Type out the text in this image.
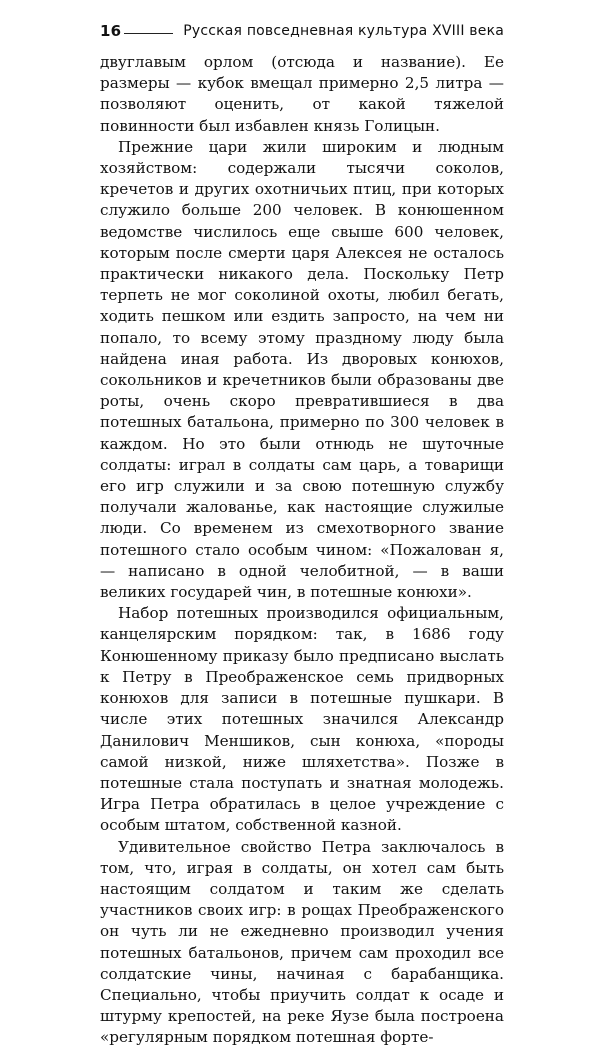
16	Русская повседневная культура XVIII века

двуглавым орлом (отсюда и название). Ее размеры — кубок вмещал примерно 2,5 литра — позволяют оценить, от какой тяжелой повинности был избавлен князь Голицын.

Прежние цари жили широким и людным хозяйством: содержали тысячи соколов, кречетов и других охотничьих птиц, при которых служило больше 200 человек. В конюшенном ведомстве числилось еще свыше 600 человек, которым после смерти царя Алексея не осталось практически никакого дела. Поскольку Петр терпеть не мог соколиной охоты, любил бегать, ходить пешком или ездить запросто, на чем ни попало, то всему этому праздному люду была найдена иная работа. Из дворовых конюхов, сокольников и кречетников были образованы две роты, очень скоро превратившиеся в два потешных батальона, примерно по 300 человек в каждом. Но это были отнюдь не шуточные солдаты: играл в солдаты сам царь, а товарищи его игр служили и за свою потешную службу получали жалованье, как настоящие служилые люди. Со временем из смехотворного звание потешного стало особым чином: «Пожалован я, — написано в одной челобитной, — в ваши великих государей чин, в потешные конюхи».

Набор потешных производился официальным, канцелярским порядком: так, в 1686 году Конюшенному приказу было предписано выслать к Петру в Преображенское семь придворных конюхов для записи в потешные пушкари. В числе этих потешных значился Александр Данилович Меншиков, сын конюха, «породы самой низкой, ниже шляхетства». Позже в потешные стала поступать и знатная молодежь. Игра Петра обратилась в целое учреждение с особым штатом, собственной казной.

Удивительное свойство Петра заключалось в том, что, играя в солдаты, он хотел сам быть настоящим солдатом и таким же сделать участников своих игр: в рощах Преображенского он чуть ли не ежедневно производил учения потешных батальонов, причем сам проходил все солдатские чины, начиная с барабанщика. Специально, чтобы приучить солдат к осаде и штурму крепостей, на реке Яузе была построена «регулярным порядком потешная форте-
